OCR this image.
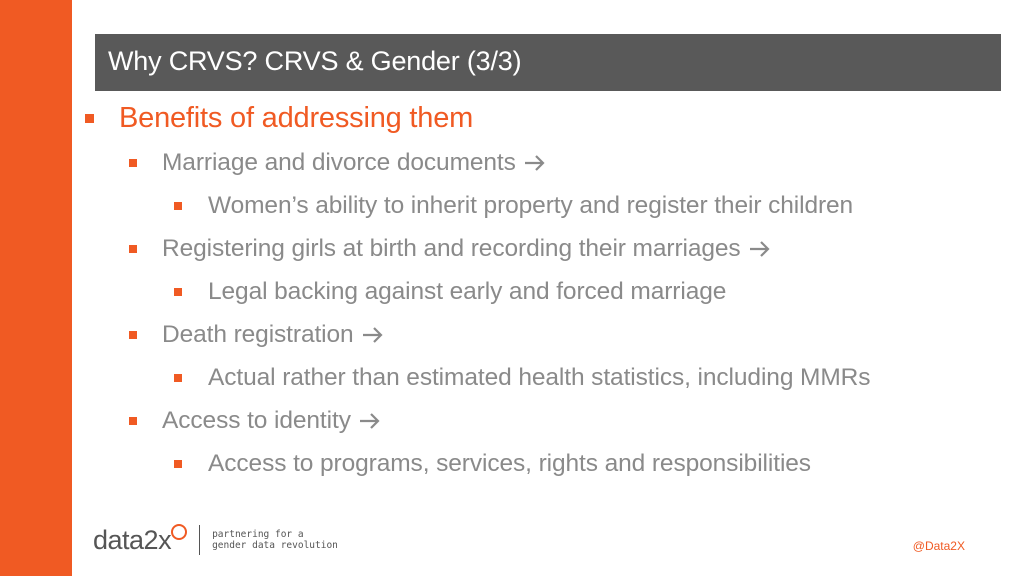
Why CRVS? CRVS & Gender (3/3)
Benefits of addressing them
Marriage and divorce documents
Women’s ability to inherit property and register their children
Registering girls at birth and recording their marriages
Legal backing against early and forced marriage
Death registration
Actual rather than estimated health statistics, including MMRs
Access to identity
Access to programs, services, rights and responsibilities
data2x	partnering for a
gender data revolution	@Data2X
